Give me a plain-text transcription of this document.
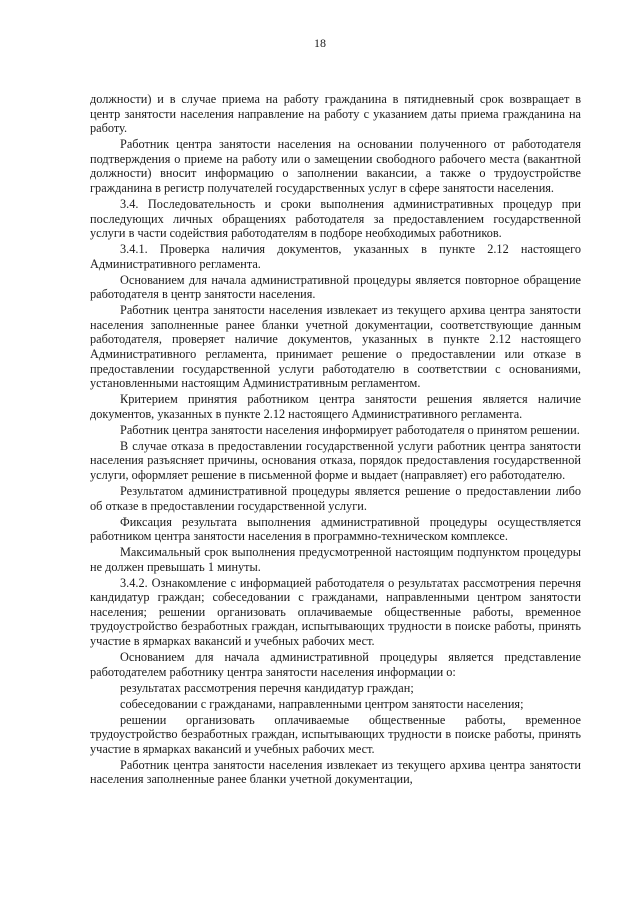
18

должности) и в случае приема на работу гражданина в пятидневный срок возвращает в центр занятости населения направление на работу с указанием даты приема гражданина на работу.

Работник центра занятости населения на основании полученного от работодателя подтверждения о приеме на работу или о замещении свободного рабочего места (вакантной должности) вносит информацию о заполнении вакансии, а также о трудоустройстве гражданина в регистр получателей государственных услуг в сфере занятости населения.

3.4. Последовательность и сроки выполнения административных процедур при последующих личных обращениях работодателя за предоставлением государственной услуги в части содействия работодателям в подборе необходимых работников.

3.4.1. Проверка наличия документов, указанных в пункте 2.12 настоящего Административного регламента.

Основанием для начала административной процедуры является повторное обращение работодателя в центр занятости населения.

Работник центра занятости населения извлекает из текущего архива центра занятости населения заполненные ранее бланки учетной документации, соответствующие данным работодателя, проверяет наличие документов, указанных в пункте 2.12 настоящего Административного регламента, принимает решение о предоставлении или отказе в предоставлении государственной услуги работодателю в соответствии с основаниями, установленными настоящим Административным регламентом.

Критерием принятия работником центра занятости решения является наличие документов, указанных в пункте 2.12 настоящего Административного регламента.

Работник центра занятости населения информирует работодателя о принятом решении.

В случае отказа в предоставлении государственной услуги работник центра занятости населения разъясняет причины, основания отказа, порядок предоставления государственной услуги, оформляет решение в письменной форме и выдает (направляет) его работодателю.

Результатом административной процедуры является решение о предоставлении либо об отказе в предоставлении государственной услуги.

Фиксация результата выполнения административной процедуры осуществляется работником центра занятости населения в программно-техническом комплексе.

Максимальный срок выполнения предусмотренной настоящим подпунктом процедуры не должен превышать 1 минуты.

3.4.2. Ознакомление с информацией работодателя о результатах рассмотрения перечня кандидатур граждан; собеседовании с гражданами, направленными центром занятости населения; решении организовать оплачиваемые общественные работы, временное трудоустройство безработных граждан, испытывающих трудности в поиске работы, принять участие в ярмарках вакансий и учебных рабочих мест.

Основанием для начала административной процедуры является представление работодателем работнику центра занятости населения информации о:

результатах рассмотрения перечня кандидатур граждан;

собеседовании с гражданами, направленными центром занятости населения;

решении организовать оплачиваемые общественные работы, временное трудоустройство безработных граждан, испытывающих трудности в поиске работы, принять участие в ярмарках вакансий и учебных рабочих мест.

Работник центра занятости населения извлекает из текущего архива центра занятости населения заполненные ранее бланки учетной документации,
